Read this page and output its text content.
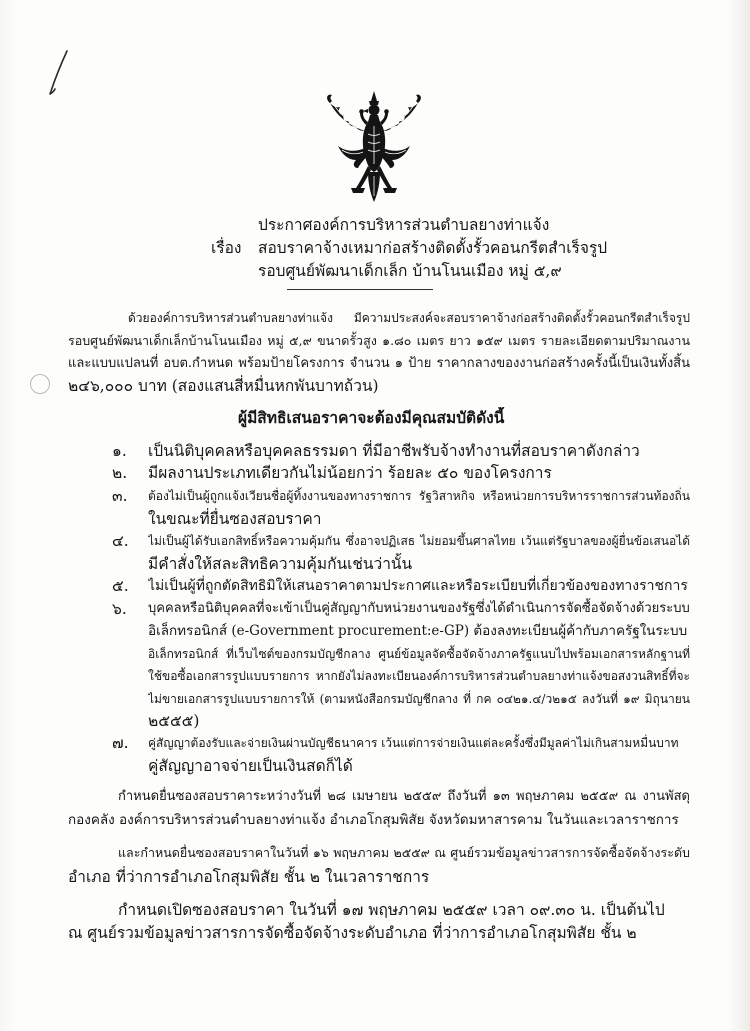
ประกาศองค์การบริหารส่วนตำบลยางท่าแจ้ง
เรื่อง	สอบราคาจ้างเหมาก่อสร้างติดตั้งรั้วคอนกรีตสำเร็จรูป
รอบศูนย์พัฒนาเด็กเล็ก บ้านโนนเมือง หมู่ ๕,๙
ด้วยองค์การบริหารส่วนตำบลยางท่าแจ้ง มีความประสงค์จะสอบราคาจ้างก่อสร้างติดตั้งรั้วคอนกรีตสำเร็จรูป
รอบศูนย์พัฒนาเด็กเล็กบ้านโนนเมือง หมู่ ๕,๙ ขนาดรั้วสูง ๑.๘๐ เมตร ยาว ๑๕๙ เมตร รายละเอียดตามปริมาณงาน
และแบบแปลนที่ อบต.กำหนด พร้อมป้ายโครงการ จำนวน ๑ ป้าย ราคากลางของงานก่อสร้างครั้งนี้เป็นเงินทั้งสิ้น
๒๔๖,๐๐๐ บาท (สองแสนสี่หมื่นหกพันบาทถ้วน)
ผู้มีสิทธิเสนอราคาจะต้องมีคุณสมบัติดังนี้
๑.	เป็นนิติบุคคลหรือบุคคลธรรมดา ที่มีอาชีพรับจ้างทำงานที่สอบราคาดังกล่าว
๒.	มีผลงานประเภทเดียวกันไม่น้อยกว่า ร้อยละ ๕๐ ของโครงการ
๓.	ต้องไม่เป็นผู้ถูกแจ้งเวียนชื่อผู้ทิ้งงานของทางราชการ รัฐวิสาหกิจ หรือหน่วยการบริหารราชการส่วนท้องถิ่น
ในขณะที่ยื่นซองสอบราคา
๔.	ไม่เป็นผู้ได้รับเอกสิทธิ์หรือความคุ้มกัน ซึ่งอาจปฏิเสธ ไม่ยอมขึ้นศาลไทย เว้นแต่รัฐบาลของผู้ยื่นข้อเสนอได้
มีคำสั่งให้สละสิทธิความคุ้มกันเช่นว่านั้น
๕.	ไม่เป็นผู้ที่ถูกตัดสิทธิมิให้เสนอราคาตามประกาศและหรือระเบียบที่เกี่ยวข้องของทางราชการ
๖.	บุคคลหรือนิติบุคคลที่จะเข้าเป็นคู่สัญญากับหน่วยงานของรัฐซึ่งได้ดำเนินการจัดซื้อจัดจ้างด้วยระบบ
อิเล็กทรอนิกส์ (e-Government procurement:e-GP) ต้องลงทะเบียนผู้ค้ากับภาครัฐในระบบ
อิเล็กทรอนิกส์ ที่เว็บไซต์ของกรมบัญชีกลาง ศูนย์ข้อมูลจัดซื้อจัดจ้างภาครัฐแนบไปพร้อมเอกสารหลักฐานที่
ใช้ขอซื้อเอกสารรูปแบบรายการ หากยังไม่ลงทะเบียนองค์การบริหารส่วนตำบลยางท่าแจ้งขอสงวนสิทธิ์ที่จะ
ไม่ขายเอกสารรูปแบบรายการให้ (ตามหนังสือกรมบัญชีกลาง ที่ กค ๐๔๒๑.๔/ว๒๑๕ ลงวันที่ ๑๙ มิถุนายน
๒๕๕๕)
๗.	คู่สัญญาต้องรับและจ่ายเงินผ่านบัญชีธนาคาร เว้นแต่การจ่ายเงินแต่ละครั้งซึ่งมีมูลค่าไม่เกินสามหมื่นบาท
คู่สัญญาอาจจ่ายเป็นเงินสดก็ได้
กำหนดยื่นซองสอบราคาระหว่างวันที่ ๒๘ เมษายน ๒๕๕๙ ถึงวันที่ ๑๓ พฤษภาคม ๒๕๕๙ ณ งานพัสดุ
กองคลัง องค์การบริหารส่วนตำบลยางท่าแจ้ง อำเภอโกสุมพิสัย จังหวัดมหาสารคาม ในวันและเวลาราชการ
และกำหนดยื่นซองสอบราคาในวันที่ ๑๖ พฤษภาคม ๒๕๕๙ ณ ศูนย์รวมข้อมูลข่าวสารการจัดซื้อจัดจ้างระดับ
อำเภอ ที่ว่าการอำเภอโกสุมพิสัย ชั้น ๒ ในเวลาราชการ
กำหนดเปิดซองสอบราคา ในวันที่ ๑๗ พฤษภาคม ๒๕๕๙ เวลา ๐๙.๓๐ น. เป็นต้นไป
ณ ศูนย์รวมข้อมูลข่าวสารการจัดซื้อจัดจ้างระดับอำเภอ ที่ว่าการอำเภอโกสุมพิสัย ชั้น ๒
